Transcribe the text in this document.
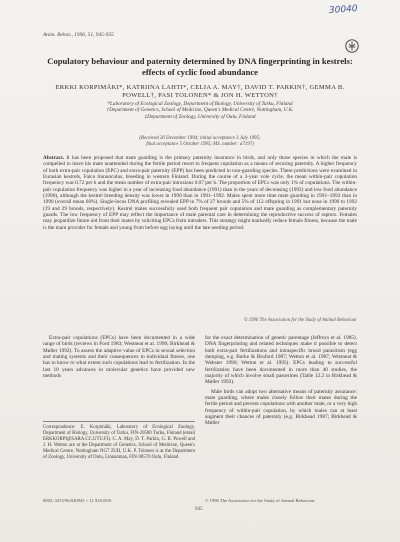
30040
Anim. Behav., 1996, 51, 945-955
Copulatory behaviour and paternity determined by DNA fingerprinting in kestrels: effects of cyclic food abundance
ERKKI KORPIMÄKI*, KATRIINA LAHTI*, CELIA A. MAY†, DAVID T. PARKIN†, GEMMA B. POWELL†, PASI TOLONEN* & JON H. WETTON†
*Laboratory of Ecological Zoology, Department of Biology, University of Turku, Finland
†Department of Genetics, School of Medicine, Queen's Medical Centre, Nottingham, U.K.
‡Department of Zoology, University of Oulu, Finland
(Received 26 December 1994; initial acceptance 3 July 1995;
final acceptance 5 October 1995; MS. number: a7197)
Abstract. It has been proposed that mate guarding is the primary paternity insurance in birds, and only those species in which the male is compelled to leave his mate unattended during the fertile period resort to frequent copulation as a means of securing paternity. A higher frequency of both extra-pair copulation (EPC) and extra-pair paternity (EPP) has been predicted in non-guarding species. These predictions were examined in Eurasian kestrels, Falco tinnunculus, breeding in western Finland. During the course of a 3-year vole cycle, the mean within-pair copulation frequency was 0.72 per h and the mean number of extra-pair intrusions 0.07 per h. The proportion of EPCs was only 1% of copulations. The within-pair copulation frequency was higher in a year of increasing food abundance (1991) than in the years of decreasing (1992) and low food abundance (1990), although the kestrel breeding density was lower in 1990 than in 1991–1992. Males spent more time mate guarding in 1991–1992 than in 1990 (overall mean 60%). Single-locus DNA profiling revealed EPP in 7% of 27 broods and 5% of 112 offspring in 1991 but none in 1990 to 1992 (19 and 29 broods, respectively). Kestrel males successfully used both frequent pair copulation and mate guarding as complementary paternity guards. The low frequency of EPP may reflect the importance of male parental care in determining the reproductive success of raptors. Females may jeopardize future aid from their mates by soliciting EPCs from intruders. This strategy might markedly reduce female fitness, because the male is the main provider for female and young from before egg laying until the late nestling period.
© 1996 The Association for the Study of Animal Behaviour

Extra-pair copulations (EPCs) have been documented in a wide range of birds (reviews in Ford 1983; Westneat et al. 1990; Birkhead & Møller 1992). To assess the adaptive value of EPCs in sexual selection and mating systems and their consequences to individual fitness, one has to know to what extent such copulations lead to fertilization. In the last 10 years advances in molecular genetics have provided new methods

Correspondence: E. Korpimäki, Laboratory of Ecological Zoology, Department of Biology, University of Turku, FIN-20500 Turku, Finland (email ERKKORPI@SARA.CC.UTU.FI). C. A. May, D. T. Parkin, G. B. Powell and J. H. Wetton are at the Department of Genetics, School of Medicine, Queen's Medical Centre, Nottingham NG7 2UH, U.K. P. Tolonen is at the Department of Zoology, University of Oulu, Linnanmaa, FIN-90570 Oulu, Finland.

for the exact determination of genetic parentage (Jeffreys et al. 1985). DNA fingerprinting and related techniques make it possible to detect both extra-pair fertilizations and intraspecific brood parasitism (egg dumping, e.g. Burke & Bruford 1987; Wetton et al. 1987; Westneat & Webster 1990; Wetton et al. 1995). EPCs leading to successful fertilization have been documented in more than 40 studies, the majority of which involve small passerines (Table 12.2 in Birkhead & Møller 1992).

Male birds can adopt two alternative means of paternity assurance: mate guarding, where males closely follow their mates during the fertile period and prevent copulations with another male, or a very high frequency of within-pair copulation, by which males can at least augment their chances of paternity (e.g. Birkhead 1987; Birkhead & Møller

0003–3472/96/040945 + 11 $18.00/0	© 1996 The Association for the Study of Animal Behaviour
945
